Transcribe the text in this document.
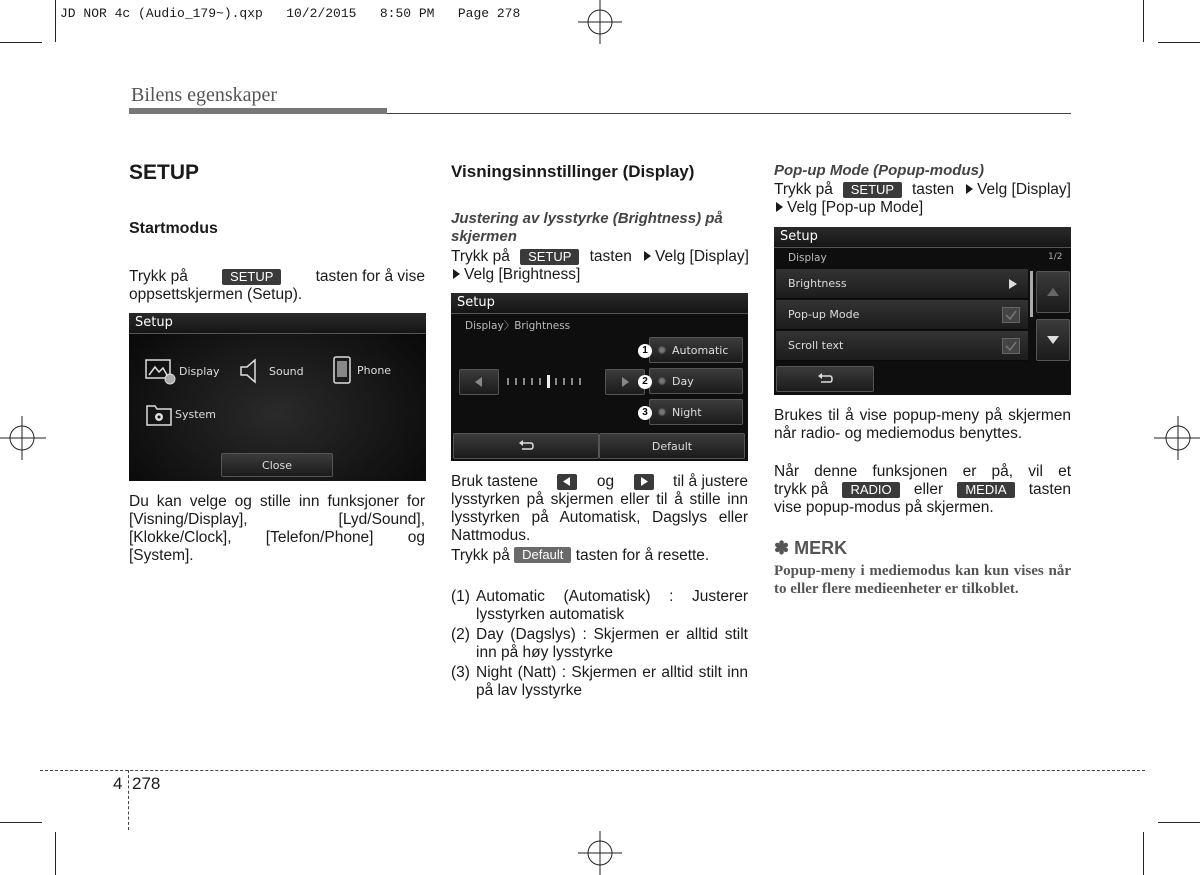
JD NOR 4c (Audio_179~).qxp   10/2/2015   8:50 PM   Page 278
Bilens egenskaper
SETUP
Startmodus
Trykk på	SETUP	tasten for å vise
oppsettskjermen (Setup).
Setup
Display	Sound	Phone
System
Close
Du kan velge og stille inn funksjoner for [Visning/Display], [Lyd/Sound], [Klokke/Clock], [Telefon/Phone] og [System].
Visningsinnstillinger (Display)
Justering av lysstyrke (Brightness) på skjermen
Trykk på	SETUP	tasten	Velg [Display]
Velg [Brightness]
Setup
Display〉Brightness
Automatic
Day
Night
1
2
3
Default
Bruk tastene	og	til å justere
lysstyrken på skjermen eller til å stille inn lysstyrken på Automatisk, Dagslys eller Nattmodus.
Trykk på Default tasten for å resette.
(1) Automatic (Automatisk) : Justerer lysstyrken automatisk
(2) Day (Dagslys) : Skjermen er alltid stilt inn på høy lysstyrke
(3) Night (Natt) : Skjermen er alltid stilt inn på lav lysstyrke
Pop-up Mode (Popup-modus)
Trykk på	SETUP	tasten	Velg [Display]
Velg [Pop-up Mode]
Setup
Display	1/2
Brightness
Pop-up Mode
Scroll text
Brukes til å vise popup-meny på skjermen når radio- og mediemodus benyttes.
Når denne funksjonen er på, vil et
trykk på	RADIO	eller	MEDIA	tasten
vise popup-modus på skjermen.
✽ MERK
Popup-meny i mediemodus kan kun vises når to eller flere medieenheter er tilkoblet.
4 278
